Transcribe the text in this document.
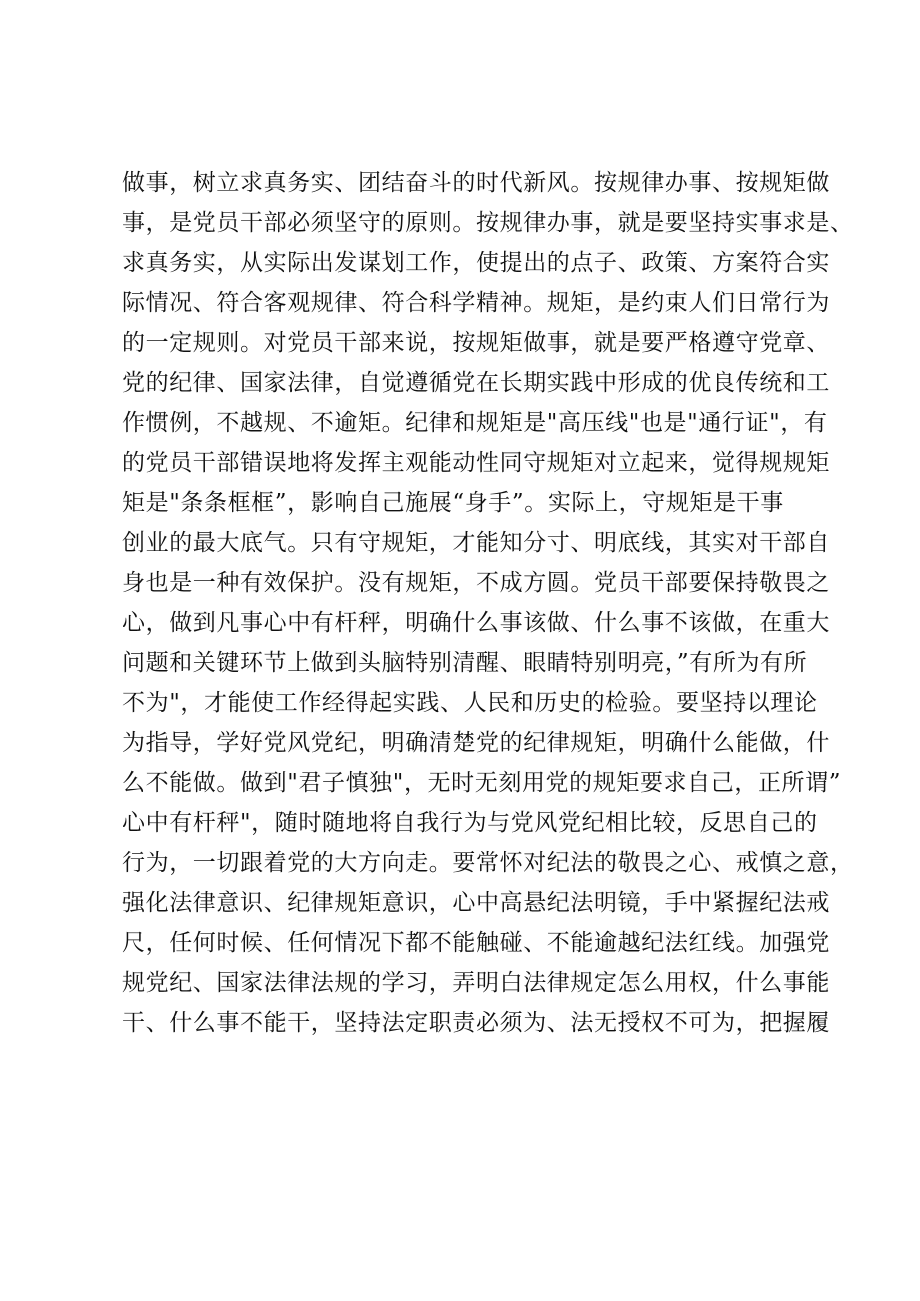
做事，树立求真务实、团结奋斗的时代新风。按规律办事、按规矩做
事，是党员干部必须坚守的原则。按规律办事，就是要坚持实事求是、
求真务实，从实际出发谋划工作，使提出的点子、政策、方案符合实
际情况、符合客观规律、符合科学精神。规矩，是约束人们日常行为
的一定规则。对党员干部来说，按规矩做事，就是要严格遵守党章、
党的纪律、国家法律，自觉遵循党在长期实践中形成的优良传统和工
作惯例，不越规、不逾矩。纪律和规矩是"高压线"也是"通行证"，有
的党员干部错误地将发挥主观能动性同守规矩对立起来，觉得规规矩
矩是"条条框框”，影响自己施展“身手”。实际上，守规矩是干事
创业的最大底气。只有守规矩，才能知分寸、明底线，其实对干部自
身也是一种有效保护。没有规矩，不成方圆。党员干部要保持敬畏之
心，做到凡事心中有杆秤，明确什么事该做、什么事不该做，在重大
问题和关键环节上做到头脑特别清醒、眼睛特别明亮，”有所为有所
不为"，才能使工作经得起实践、人民和历史的检验。要坚持以理论
为指导，学好党风党纪，明确清楚党的纪律规矩，明确什么能做，什
么不能做。做到"君子慎独"，无时无刻用党的规矩要求自己，正所谓”
心中有杆秤"，随时随地将自我行为与党风党纪相比较，反思自己的
行为，一切跟着党的大方向走。要常怀对纪法的敬畏之心、戒慎之意，
强化法律意识、纪律规矩意识，心中高悬纪法明镜，手中紧握纪法戒
尺，任何时候、任何情况下都不能触碰、不能逾越纪法红线。加强党
规党纪、国家法律法规的学习，弄明白法律规定怎么用权，什么事能
干、什么事不能干，坚持法定职责必须为、法无授权不可为，把握履
